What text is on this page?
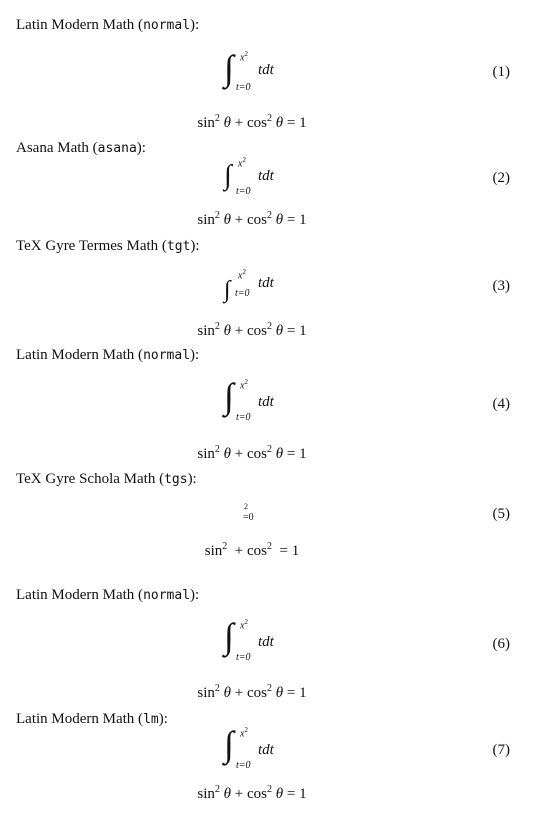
Latin Modern Math (normal):
∫ $x^2$
t=0
tdt	(1)
$\sin^2 \theta + \cos^2 \theta = 1$
Asana Math (asana):
∫ $x^2$
t=0
tdt	(2)
$\sin^2 \theta + \cos^2 \theta = 1$
TeX Gyre Termes Math (tgt):
∫
$x^2$
t=0
tdt	(3)
$\sin^2 \theta + \cos^2 \theta = 1$
Latin Modern Math (normal):
∫ $x^2$
t=0
tdt	(4)
$\sin^2 \theta + \cos^2 \theta = 1$
TeX Gyre Schola Math (tgs):
2
=0	(5)
$\sin^2 + \cos^2 = 1$
Latin Modern Math (normal):
∫ $x^2$
t=0
tdt	(6)
$\sin^2 \theta + \cos^2 \theta = 1$
Latin Modern Math (lm):
∫ $x^2$
t=0
tdt	(7)
$\sin^2 \theta + \cos^2 \theta = 1$
